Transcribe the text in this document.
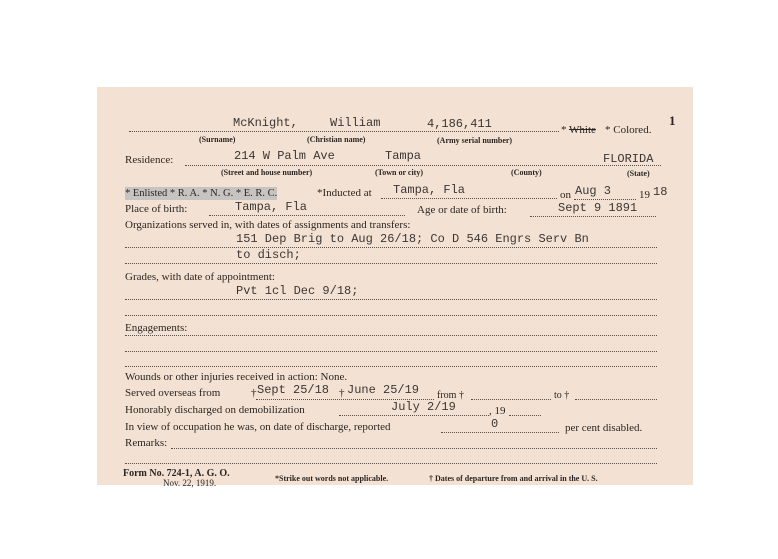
1
McKnight,	William	4,186,411	* White * Colored.
(Surname)	(Christian name)	(Army serial number)
Residence:	214 W Palm Ave	Tampa	FLORIDA
(Street and house number)	(Town or city)	(County)	(State)
* Enlisted * R. A. * N. G. * E. R. C.	*Inducted at Tampa, Fla	on Aug 3	19 18
Place of birth:	Tampa, Fla	Age or date of birth:	Sept 9 1891
Organizations served in, with dates of assignments and transfers:
151 Dep Brig to Aug 26/18; Co D 546 Engrs Serv Bn
to disch;
Grades, with date of appointment:
Pvt 1cl Dec 9/18;
Engagements:
Wounds or other injuries received in action: None.
Served overseas from	† Sept 25/18 † June 25/19 from †	to †
Honorably discharged on demobilization	July 2/19	, 19
In view of occupation he was, on date of discharge, reported	0	per cent disabled.
Remarks:
Form No. 724-1, A. G. O.
Nov. 22, 1919.	*Strike out words not applicable.	† Dates of departure from and arrival in the U. S.
